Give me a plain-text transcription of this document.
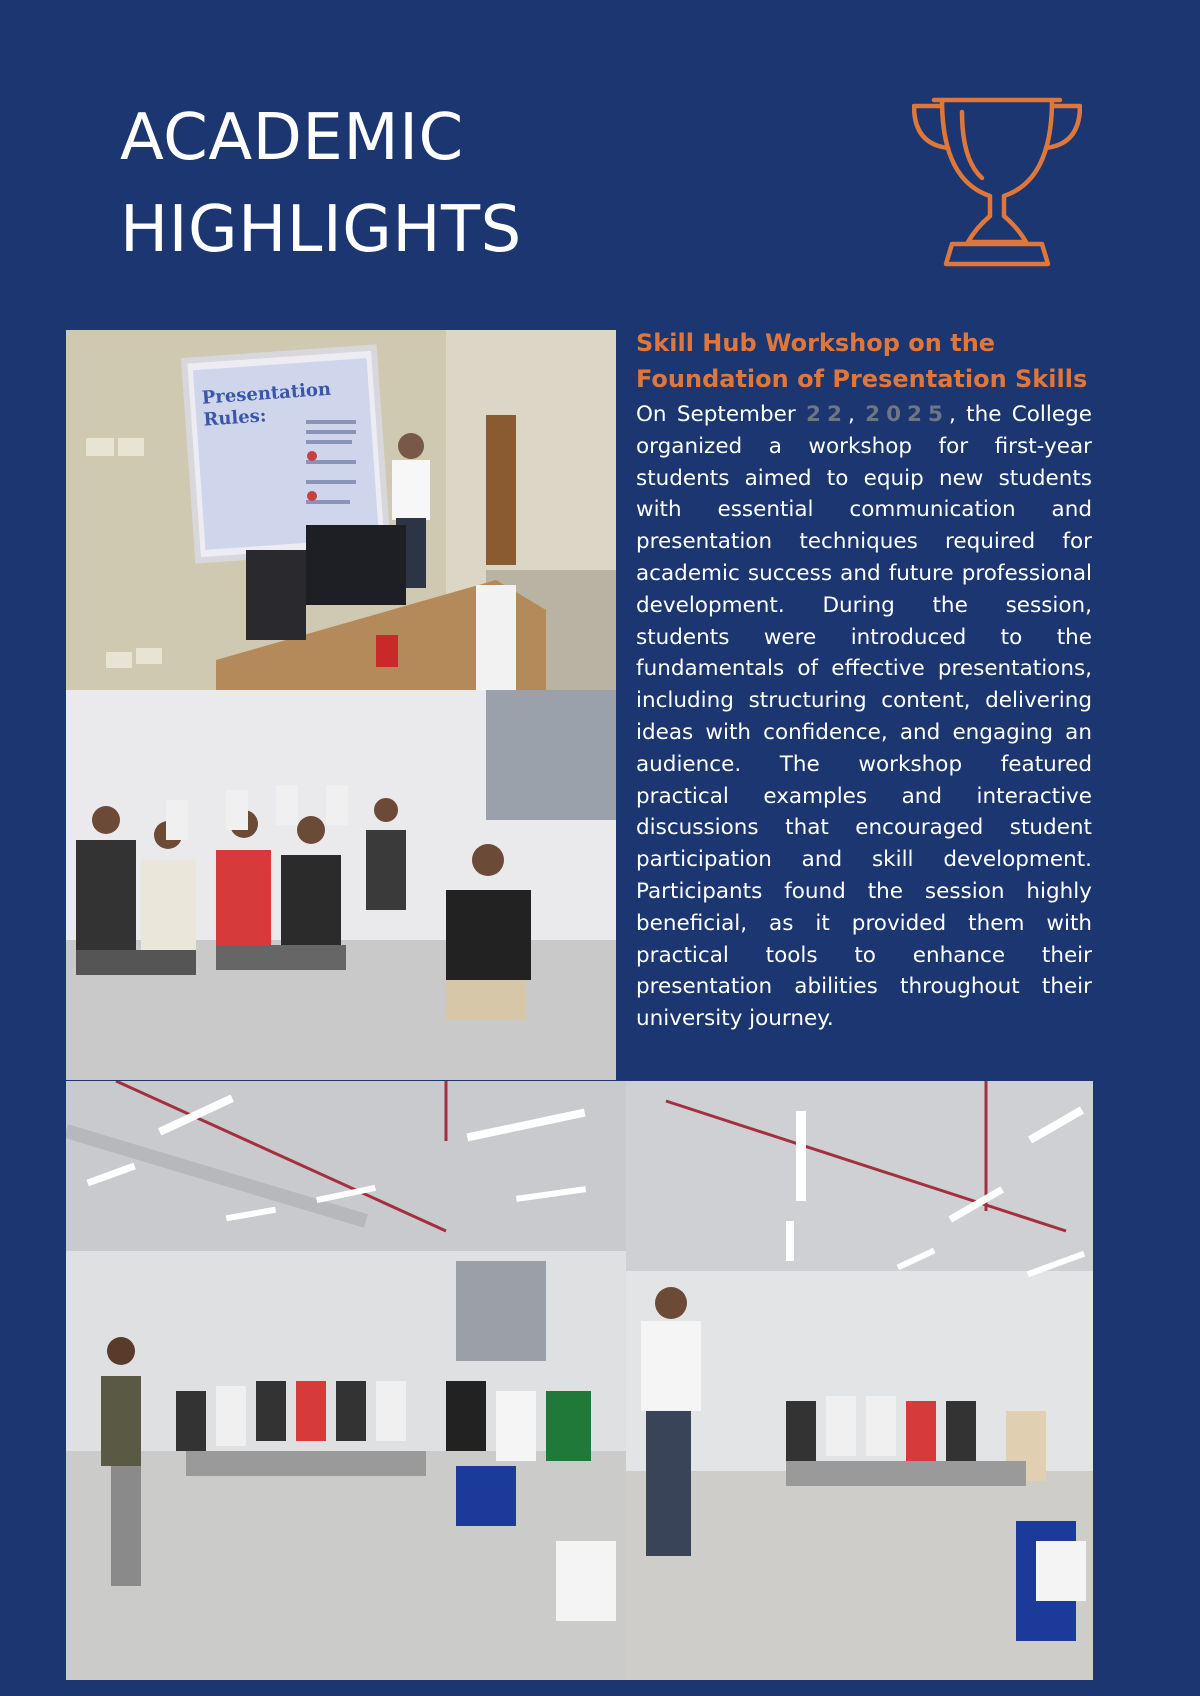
ACADEMIC
HIGHLIGHTS
Presentation
Rules:
Skill Hub Workshop on the
Foundation of Presentation Skills

On September 22, 2025, the College organized a workshop for first-year students aimed to equip new students with essential communication and presentation techniques required for academic success and future professional development. During the session, students were introduced to the fundamentals of effective presentations, including structuring content, delivering ideas with confidence, and engaging an audience. The workshop featured practical examples and interactive discussions that encouraged student participation and skill development. Participants found the session highly beneficial, as it provided them with practical tools to enhance their presentation abilities throughout their university journey.
